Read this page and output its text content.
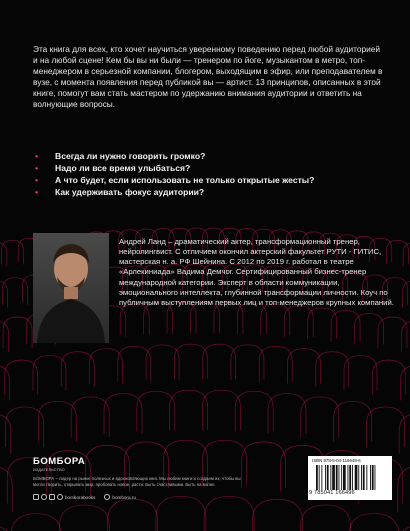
Эта книга для всех, кто хочет научиться уверенному поведению перед любой аудиторией и на любой сцене! Кем бы вы ни были — тренером по йоге, музыкантом в метро, топ-менеджером в серьезной компании, блогером, выходящим в эфир, или преподавателем в вузе, с момента появления перед публикой вы — артист. 13 принципов, описанных в этой книге, помогут вам стать мастером по удержанию внимания аудитории и ответить на волнующие вопросы.
• Всегда ли нужно говорить громко?
• Надо ли все время улыбаться?
• А что будет, если использовать не только открытые жесты?
• Как удерживать фокус аудитории?
Андрей Ланд – драматический актер, трансформационный тренер, нейролингвист. С отличием окончил актерский факультет РУТИ - ГИТИС, мастерская н. а. РФ Шейнина. С 2012 по 2019 г. работал в театре «Арлекиниада» Вадима Демчог. Сертифицированный бизнес-тренер международной категории. Эксперт в области коммуникации, эмоционального интеллекта, глубинной трансформации личности. Коуч по публичным выступлениям первых лиц и топ-менеджеров крупных компаний.
БОМБОРА
ИЗДАТЕЛЬСТВО
БОМБОРА – лидер на рынке полезных и вдохновляющих книг. Мы любим книги и создаем их, чтобы вы могли творить, открывать мир, пробовать новое, расти. Быть счастливыми. Быть на волне.
bomborabooks	bombora.ru
ISBN 978-5-04-116649-6
9 785041 166496
